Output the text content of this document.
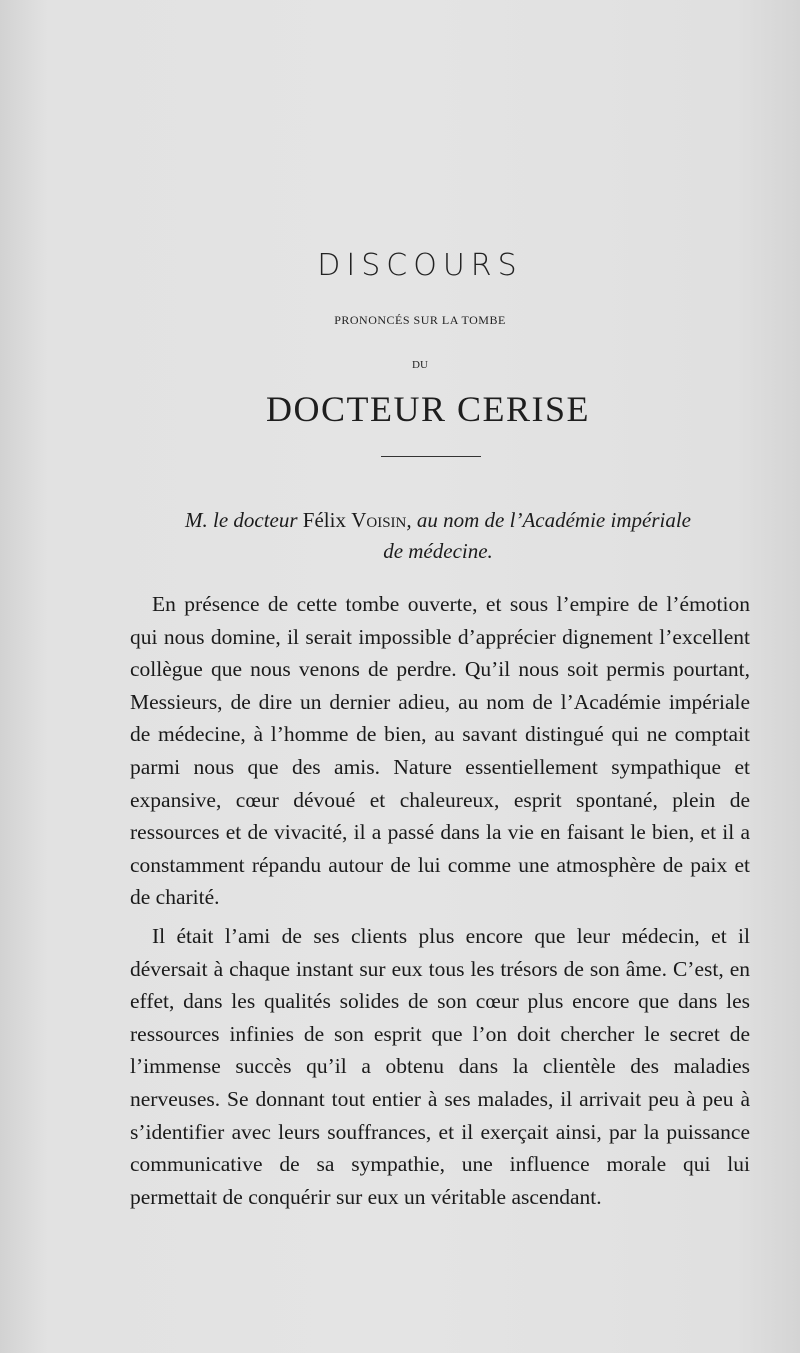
DISCOURS
PRONONCÉS SUR LA TOMBE
DU
DOCTEUR CERISE
M. le docteur Félix Voisin, au nom de l’Académie impériale
de médecine.

En présence de cette tombe ouverte, et sous l’empire de l’émotion qui nous domine, il serait impossible d’apprécier dignement l’excellent collègue que nous venons de perdre. Qu’il nous soit permis pourtant, Messieurs, de dire un dernier adieu, au nom de l’Académie impériale de médecine, à l’homme de bien, au savant distingué qui ne comptait parmi nous que des amis. Nature essentiellement sympathique et expansive, cœur dévoué et chaleureux, esprit spontané, plein de ressources et de vivacité, il a passé dans la vie en faisant le bien, et il a constamment répandu autour de lui comme une atmosphère de paix et de charité.

Il était l’ami de ses clients plus encore que leur médecin, et il déversait à chaque instant sur eux tous les trésors de son âme. C’est, en effet, dans les qualités solides de son cœur plus encore que dans les ressources infinies de son esprit que l’on doit chercher le secret de l’immense succès qu’il a obtenu dans la clientèle des maladies nerveuses. Se donnant tout entier à ses malades, il arrivait peu à peu à s’identifier avec leurs souffrances, et il exerçait ainsi, par la puissance communicative de sa sympathie, une influence morale qui lui permettait de conquérir sur eux un véritable ascendant.
